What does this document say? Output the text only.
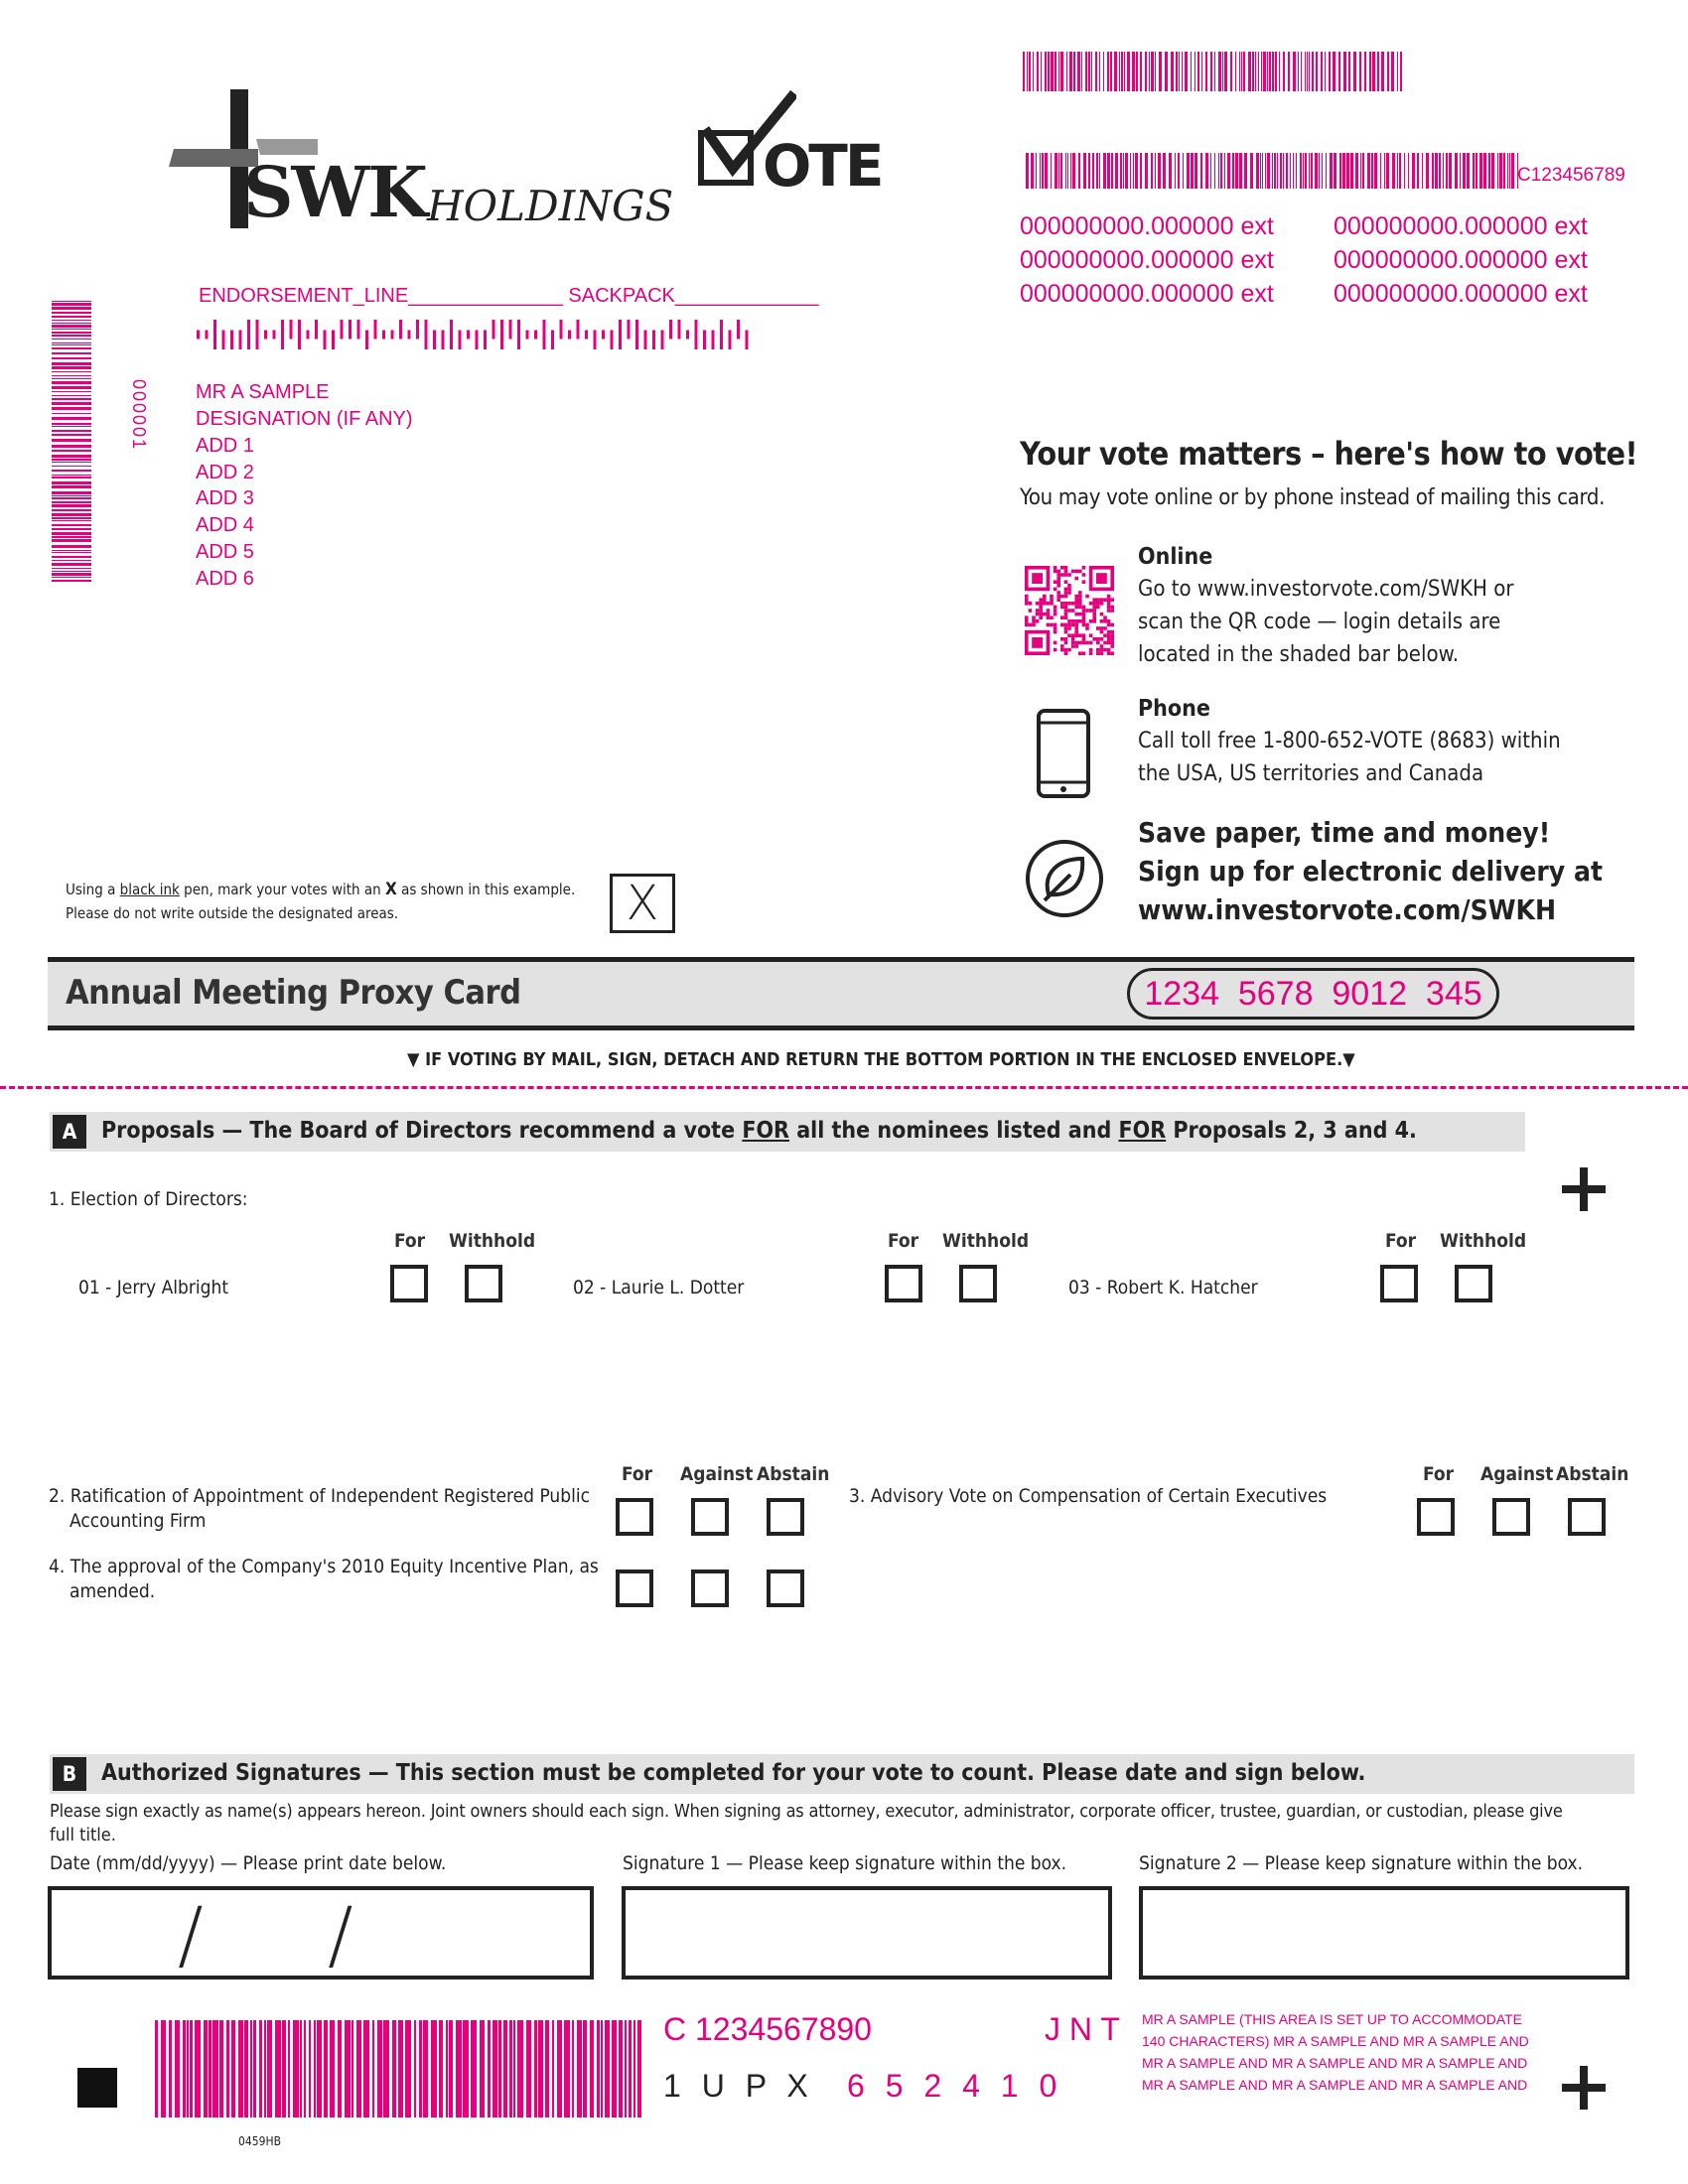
SWK HOLDINGS
OTE	C123456789
000000000.000000 ext
000000000.000000 ext
000000000.000000 ext
000000000.000000 ext
000000000.000000 ext
000000000.000000 ext
ENDORSEMENT_LINE______________ SACKPACK_____________
000001 MR A SAMPLE
DESIGNATION (IF ANY)
ADD 1
ADD 2
ADD 3
ADD 4
ADD 5
ADD 6
Your vote matters – here's how to vote!
You may vote online or by phone instead of mailing this card.
Online
Go to www.investorvote.com/SWKH or
scan the QR code — login details are
located in the shaded bar below.
Phone
Call toll free 1-800-652-VOTE (8683) within
the USA, US territories and Canada
Save paper, time and money!
Sign up for electronic delivery at
www.investorvote.com/SWKH
Using a black ink pen, mark your votes with an X as shown in this example.
Please do not write outside the designated areas.	X
Annual Meeting Proxy Card	1234  5678  9012  345
▼ IF VOTING BY MAIL, SIGN, DETACH AND RETURN THE BOTTOM PORTION IN THE ENCLOSED ENVELOPE.▼
A	Proposals — The Board of Directors recommend a vote FOR all the nominees listed and FOR Proposals 2, 3 and 4.
1. Election of Directors:
For Withhold
01 - Jerry Albright
For Withhold
02 - Laurie L. Dotter
For Withhold
03 - Robert K. Hatcher
For Against Abstain
2. Ratification of Appointment of Independent Registered Public
Accounting Firm
4. The approval of the Company's 2010 Equity Incentive Plan, as
amended.
For Against Abstain
3. Advisory Vote on Compensation of Certain Executives
B	Authorized Signatures — This section must be completed for your vote to count. Please date and sign below.
Please sign exactly as name(s) appears hereon. Joint owners should each sign. When signing as attorney, executor, administrator, corporate officer, trustee, guardian, or custodian, please give
full title.
Date (mm/dd/yyyy) — Please print date below.	Signature 1 — Please keep signature within the box.	Signature 2 — Please keep signature within the box.
/ /
0459HB
C 1234567890	J N T
1 U P X 6 5 2 4 1 0
MR A SAMPLE (THIS AREA IS SET UP TO ACCOMMODATE
140 CHARACTERS) MR A SAMPLE AND MR A SAMPLE AND
MR A SAMPLE AND MR A SAMPLE AND MR A SAMPLE AND
MR A SAMPLE AND MR A SAMPLE AND MR A SAMPLE AND
